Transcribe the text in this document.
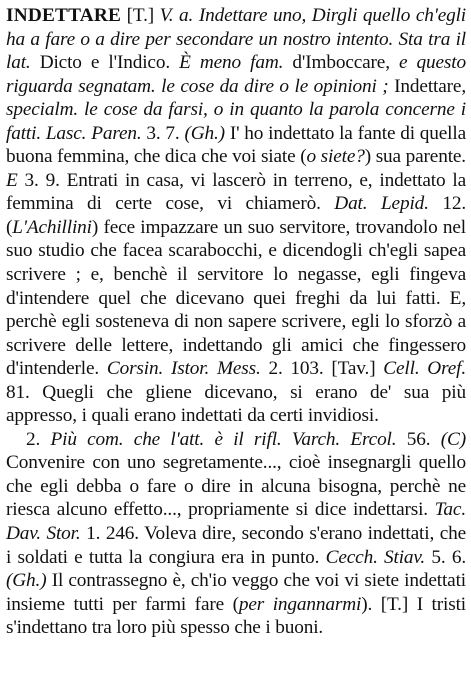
INDETTARE [T.] V. a. Indettare uno, Dirgli quello ch'egli ha a fare o a dire per secondare un nostro intento. Sta tra il lat. Dicto e l'Indico. È meno fam. d'Imboccare, e questo riguarda segnatam. le cose da dire o le opinioni ; Indettare, specialm. le cose da farsi, o in quanto la parola concerne i fatti. Lasc. Paren. 3. 7. (Gh.) I' ho indettato la fante di quella buona femmina, che dica che voi siate (o siete?) sua parente. E 3. 9. Entrati in casa, vi lascerò in terreno, e, indettato la femmina di certe cose, vi chiamerò. Dat. Lepid. 12. (L'Achillini) fece impazzare un suo servitore, trovandolo nel suo studio che facea scarabocchi, e dicendogli ch'egli sapea scrivere ; e, benchè il servitore lo negasse, egli fingeva d'intendere quel che dicevano quei freghi da lui fatti. E, perchè egli sosteneva di non sapere scrivere, egli lo sforzò a scrivere delle lettere, indettando gli amici che fingessero d'intenderle. Corsin. Istor. Mess. 2. 103. [Tav.] Cell. Oref. 81. Quegli che gliene dicevano, si erano de' sua più appresso, i quali erano indettati da certi invidiosi.

2. Più com. che l'att. è il rifl. Varch. Ercol. 56. (C) Convenire con uno segretamente..., cioè insegnargli quello che egli debba o fare o dire in alcuna bisogna, perchè ne riesca alcuno effetto..., propriamente si dice indettarsi. Tac. Dav. Stor. 1. 246. Voleva dire, secondo s'erano indettati, che i soldati e tutta la congiura era in punto. Cecch. Stiav. 5. 6. (Gh.) Il contrassegno è, ch'io veggo che voi vi siete indettati insieme tutti per farmi fare (per ingannarmi). [T.] I tristi s'indettano tra loro più spesso che i buoni.
